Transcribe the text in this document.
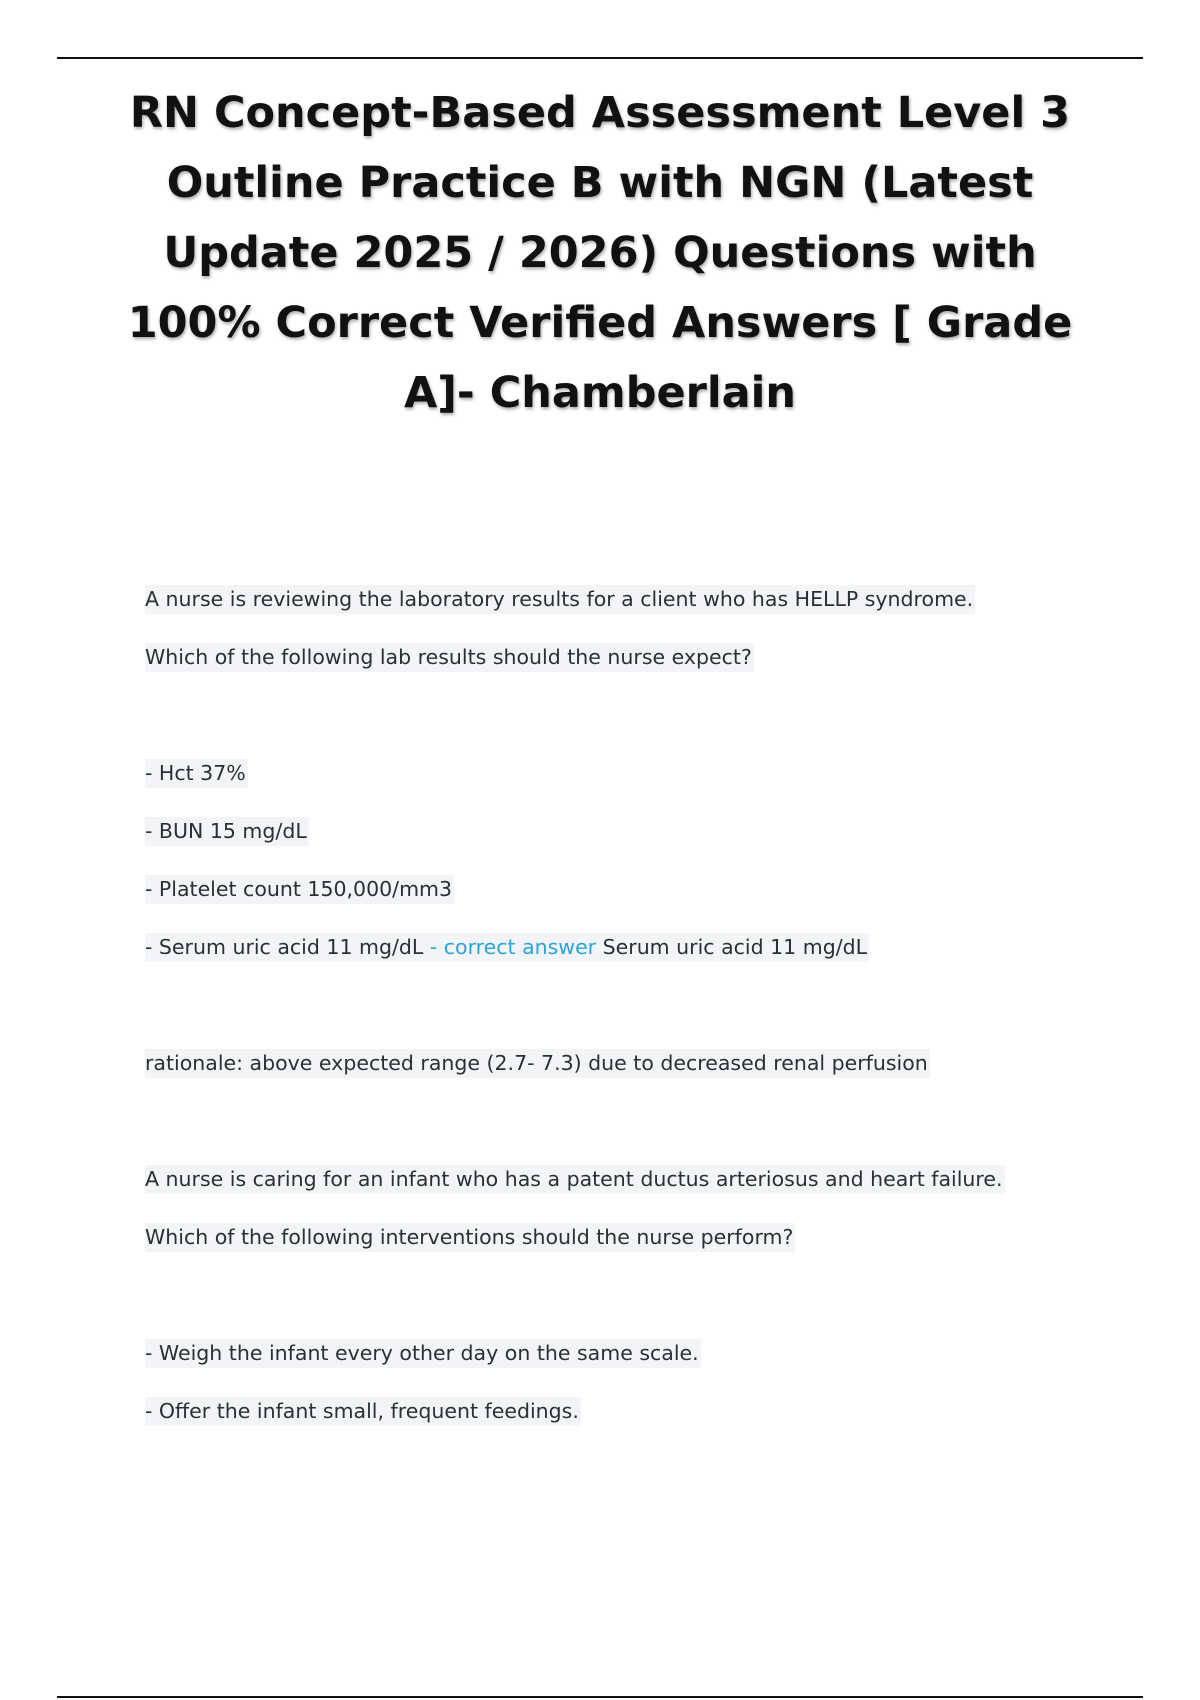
RN Concept-Based Assessment Level 3 Outline Practice B with NGN (Latest Update 2025 / 2026) Questions with 100% Correct Verified Answers [ Grade A]- Chamberlain
A nurse is reviewing the laboratory results for a client who has HELLP syndrome.
Which of the following lab results should the nurse expect?
- Hct 37%
- BUN 15 mg/dL
- Platelet count 150,000/mm3
- Serum uric acid 11 mg/dL - correct answer Serum uric acid 11 mg/dL
rationale: above expected range (2.7- 7.3) due to decreased renal perfusion
A nurse is caring for an infant who has a patent ductus arteriosus and heart failure.
Which of the following interventions should the nurse perform?
- Weigh the infant every other day on the same scale.
- Offer the infant small, frequent feedings.
